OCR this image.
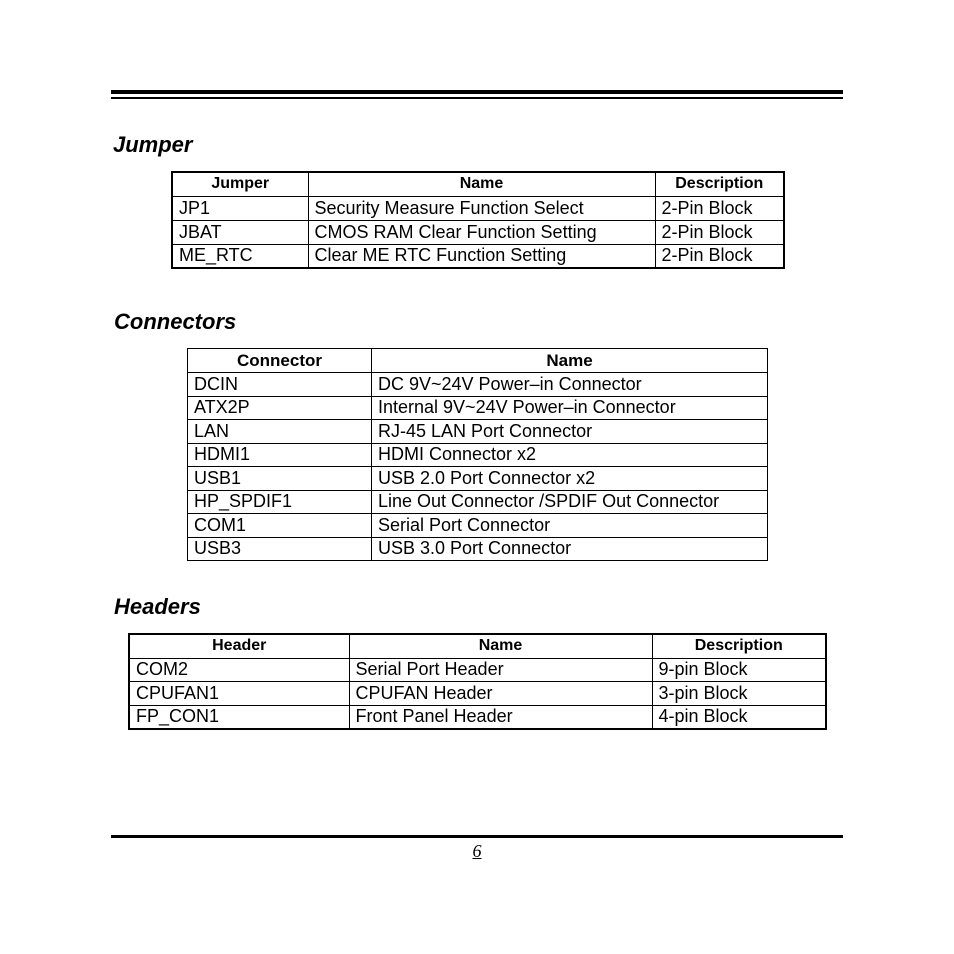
Jumper
Jumper	Name	Description
JP1	Security Measure Function Select	2-Pin Block
JBAT	CMOS RAM Clear Function Setting	2-Pin Block
ME_RTC	Clear ME RTC Function Setting	2-Pin Block
Connectors
Connector	Name
DCIN	DC 9V~24V Power–in Connector
ATX2P	Internal 9V~24V Power–in Connector
LAN	RJ-45 LAN Port Connector
HDMI1	HDMI Connector x2
USB1	USB 2.0 Port Connector x2
HP_SPDIF1	Line Out Connector /SPDIF Out Connector
COM1	Serial Port Connector
USB3	USB 3.0 Port Connector
Headers
Header	Name	Description
COM2	Serial Port Header	9-pin Block
CPUFAN1	CPUFAN Header	3-pin Block
FP_CON1	Front Panel Header	4-pin Block
6
